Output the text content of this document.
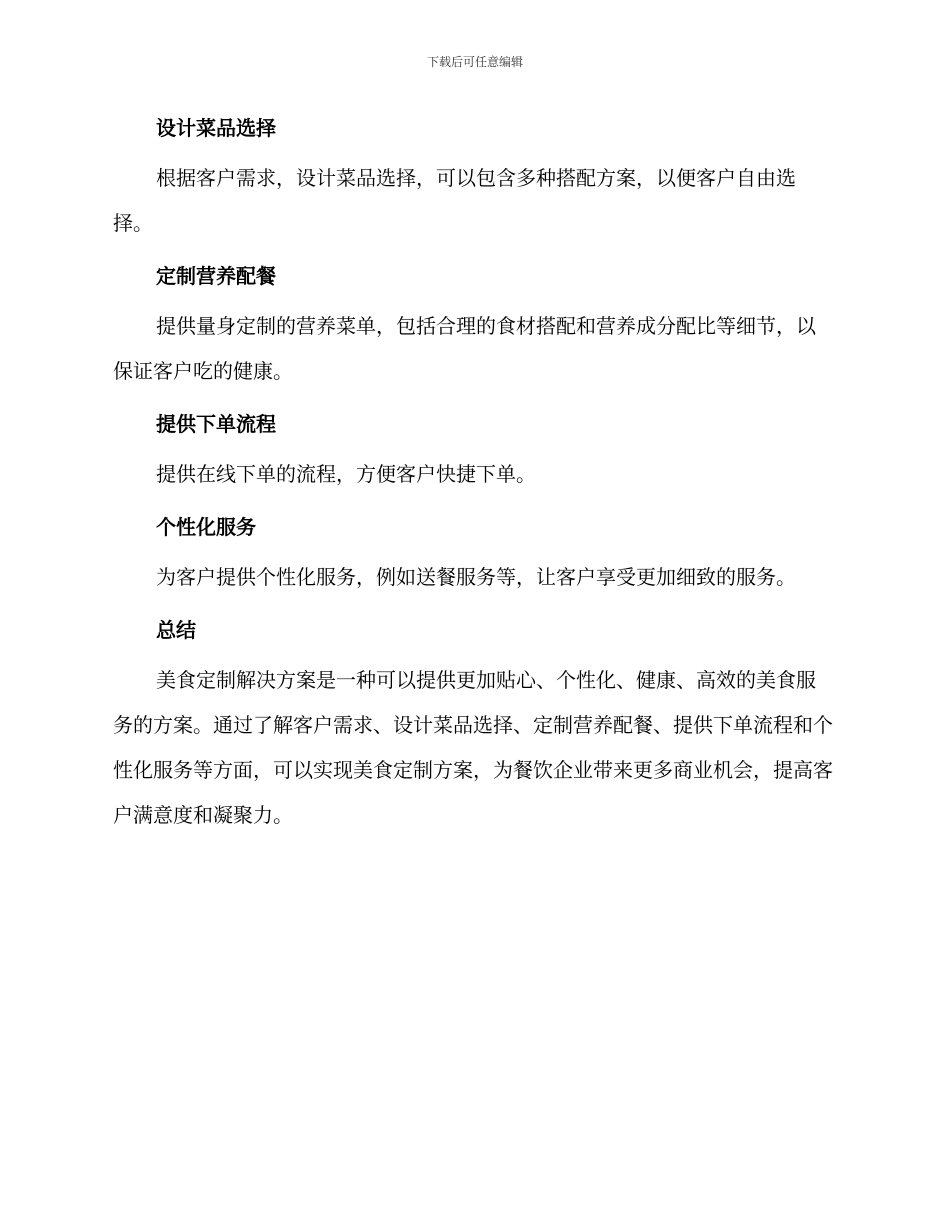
下载后可任意编辑
设计菜品选择

根据客户需求，设计菜品选择，可以包含多种搭配方案，以便客户自由选择。

定制营养配餐

提供量身定制的营养菜单，包括合理的食材搭配和营养成分配比等细节，以保证客户吃的健康。

提供下单流程

提供在线下单的流程，方便客户快捷下单。

个性化服务

为客户提供个性化服务，例如送餐服务等，让客户享受更加细致的服务。

总结

美食定制解决方案是一种可以提供更加贴心、个性化、健康、高效的美食服务的方案。通过了解客户需求、设计菜品选择、定制营养配餐、提供下单流程和个性化服务等方面，可以实现美食定制方案，为餐饮企业带来更多商业机会，提高客户满意度和凝聚力。
